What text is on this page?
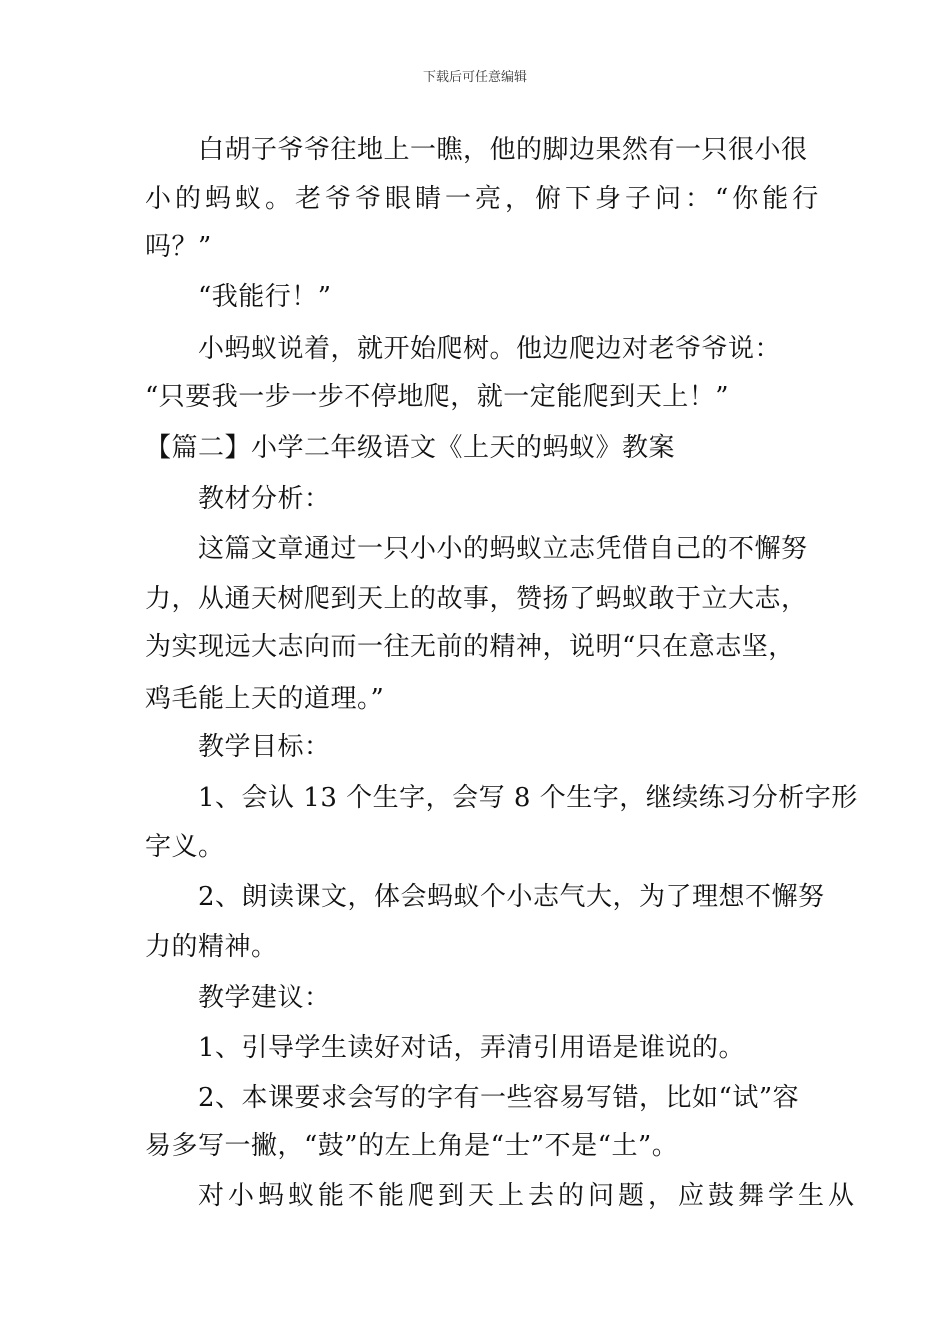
下载后可任意编辑
白胡子爷爷往地上一瞧，他的脚边果然有一只很小很
小的蚂蚁。老爷爷眼睛一亮，俯下身子问：“你能行
吗？”
“我能行！”
小蚂蚁说着，就开始爬树。他边爬边对老爷爷说：
“只要我一步一步不停地爬，就一定能爬到天上！”
【篇二】小学二年级语文《上天的蚂蚁》教案
教材分析：
这篇文章通过一只小小的蚂蚁立志凭借自己的不懈努
力，从通天树爬到天上的故事，赞扬了蚂蚁敢于立大志，
为实现远大志向而一往无前的精神，说明“只在意志坚，
鸡毛能上天的道理。”
教学目标：
1、会认 13 个生字，会写 8 个生字，继续练习分析字形
字义。
2、朗读课文，体会蚂蚁个小志气大，为了理想不懈努
力的精神。
教学建议：
1、引导学生读好对话，弄清引用语是谁说的。
2、本课要求会写的字有一些容易写错，比如“试”容
易多写一撇，“鼓”的左上角是“士”不是“土”。
对小蚂蚁能不能爬到天上去的问题，应鼓舞学生从
